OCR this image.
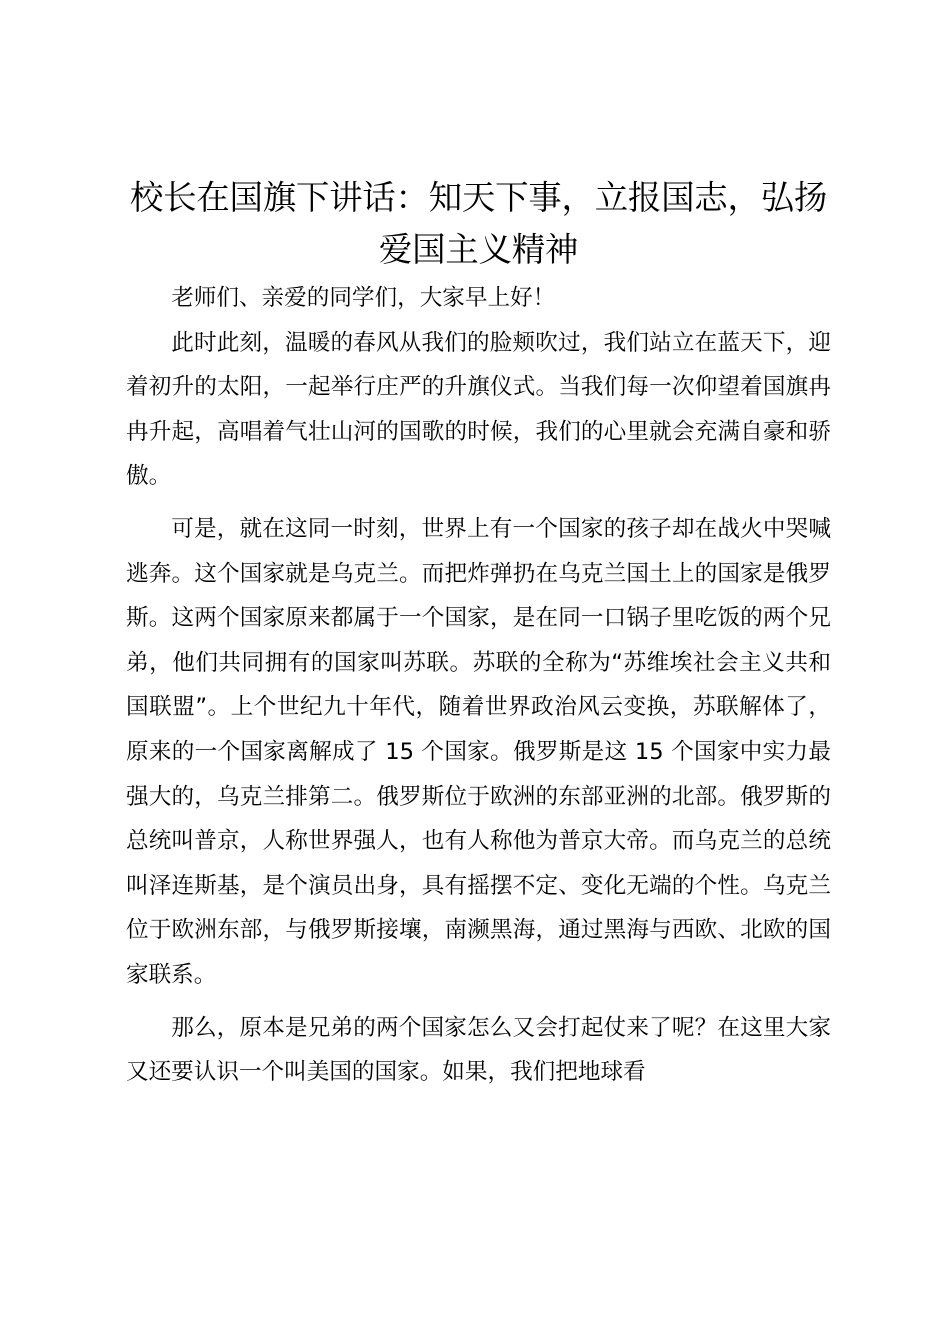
校长在国旗下讲话：知天下事，立报国志，弘扬爱国主义精神

老师们、亲爱的同学们，大家早上好！

此时此刻，温暖的春风从我们的脸颊吹过，我们站立在蓝天下，迎着初升的太阳，一起举行庄严的升旗仪式。当我们每一次仰望着国旗冉冉升起，高唱着气壮山河的国歌的时候，我们的心里就会充满自豪和骄傲。

可是，就在这同一时刻，世界上有一个国家的孩子却在战火中哭喊逃奔。这个国家就是乌克兰。而把炸弹扔在乌克兰国土上的国家是俄罗斯。这两个国家原来都属于一个国家，是在同一口锅子里吃饭的两个兄弟，他们共同拥有的国家叫苏联。苏联的全称为“苏维埃社会主义共和国联盟”。上个世纪九十年代，随着世界政治风云变换，苏联解体了，原来的一个国家离解成了 15 个国家。俄罗斯是这 15 个国家中实力最强大的，乌克兰排第二。俄罗斯位于欧洲的东部亚洲的北部。俄罗斯的总统叫普京，人称世界强人，也有人称他为普京大帝。而乌克兰的总统叫泽连斯基，是个演员出身，具有摇摆不定、变化无端的个性。乌克兰位于欧洲东部，与俄罗斯接壤，南濒黑海，通过黑海与西欧、北欧的国家联系。

那么，原本是兄弟的两个国家怎么又会打起仗来了呢？在这里大家又还要认识一个叫美国的国家。如果，我们把地球看
